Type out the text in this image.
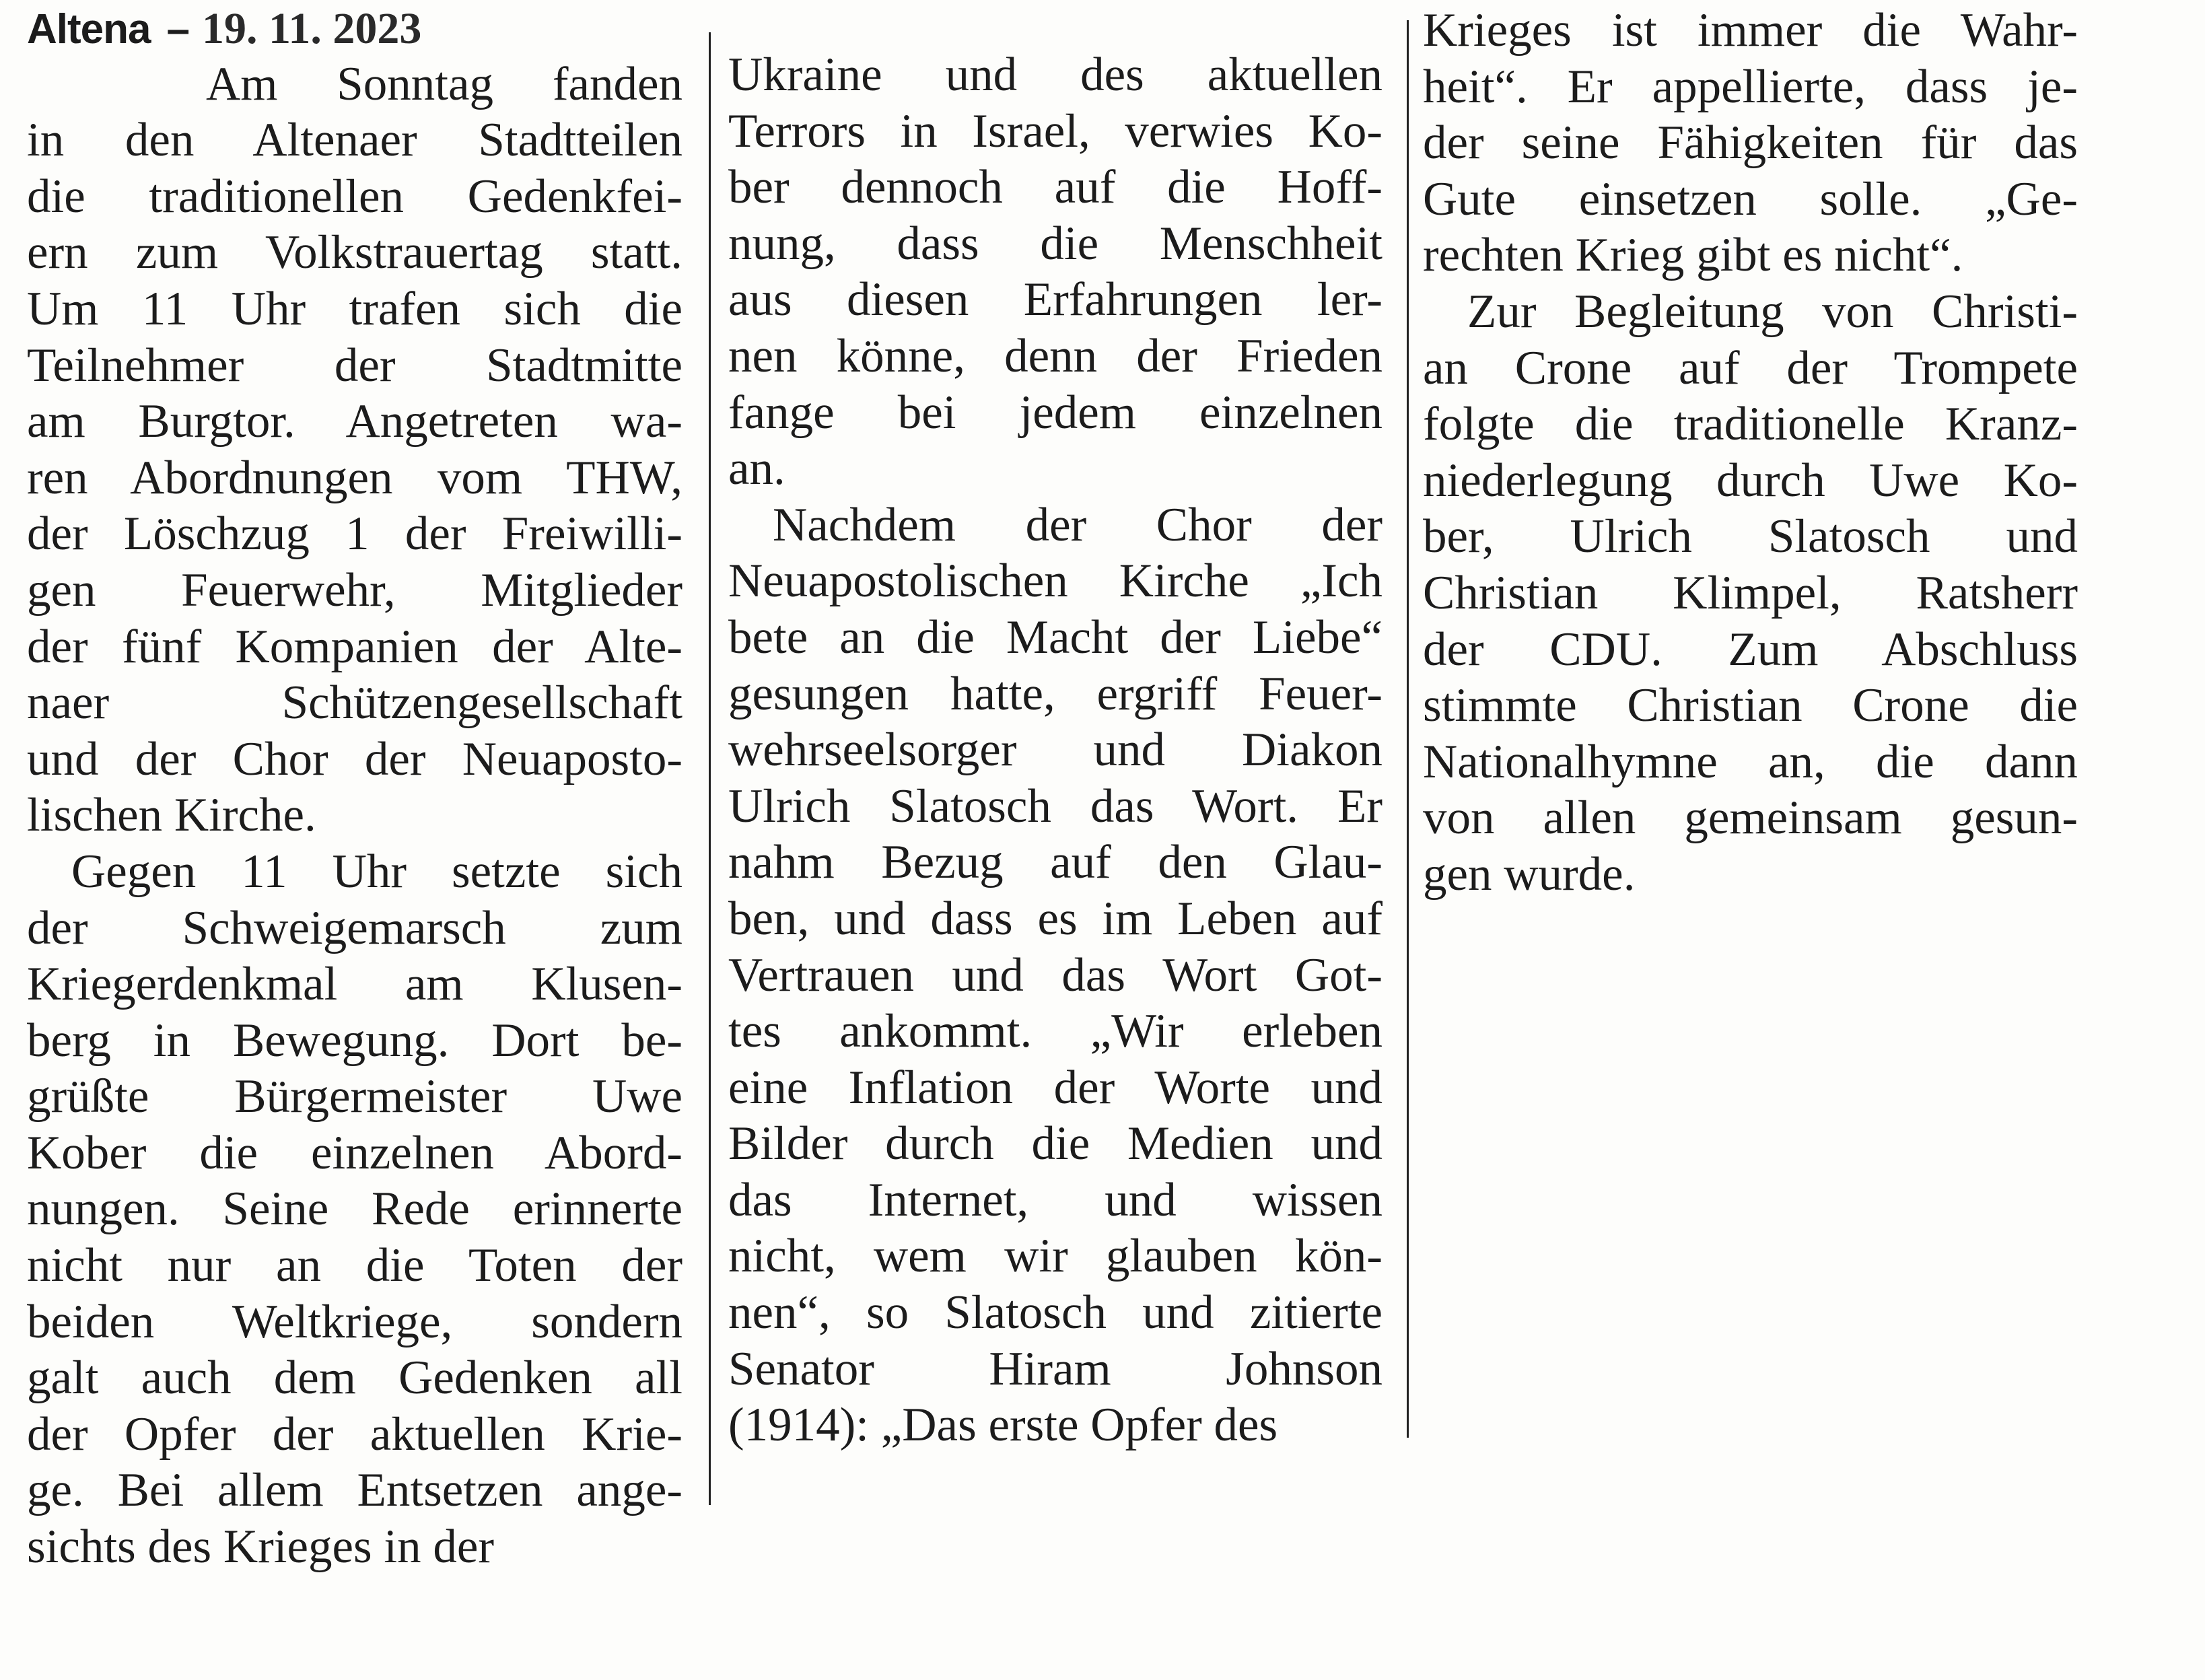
Altena – 19. 11. 2023
Am Sonntag fanden
in den Altenaer Stadtteilen
die traditionellen Gedenkfei-
ern zum Volkstrauertag statt.
Um 11 Uhr trafen sich die
Teilnehmer der Stadtmitte
am Burgtor. Angetreten wa-
ren Abordnungen vom THW,
der Löschzug 1 der Freiwilli-
gen Feuerwehr, Mitglieder
der fünf Kompanien der Alte-
naer Schützengesellschaft
und der Chor der Neuaposto-
lischen Kirche.
Gegen 11 Uhr setzte sich
der Schweigemarsch zum
Kriegerdenkmal am Klusen-
berg in Bewegung. Dort be-
grüßte Bürgermeister Uwe
Kober die einzelnen Abord-
nungen. Seine Rede erinnerte
nicht nur an die Toten der
beiden Weltkriege, sondern
galt auch dem Gedenken all
der Opfer der aktuellen Krie-
ge. Bei allem Entsetzen ange-
sichts des Krieges in der
Ukraine und des aktuellen
Terrors in Israel, verwies Ko-
ber dennoch auf die Hoff-
nung, dass die Menschheit
aus diesen Erfahrungen ler-
nen könne, denn der Frieden
fange bei jedem einzelnen
an.
Nachdem der Chor der
Neuapostolischen Kirche „Ich
bete an die Macht der Liebe“
gesungen hatte, ergriff Feuer-
wehrseelsorger und Diakon
Ulrich Slatosch das Wort. Er
nahm Bezug auf den Glau-
ben, und dass es im Leben auf
Vertrauen und das Wort Got-
tes ankommt. „Wir erleben
eine Inflation der Worte und
Bilder durch die Medien und
das Internet, und wissen
nicht, wem wir glauben kön-
nen“, so Slatosch und zitierte
Senator Hiram Johnson
(1914): „Das erste Opfer des
Krieges ist immer die Wahr-
heit“. Er appellierte, dass je-
der seine Fähigkeiten für das
Gute einsetzen solle. „Ge-
rechten Krieg gibt es nicht“.
Zur Begleitung von Christi-
an Crone auf der Trompete
folgte die traditionelle Kranz-
niederlegung durch Uwe Ko-
ber, Ulrich Slatosch und
Christian Klimpel, Ratsherr
der CDU. Zum Abschluss
stimmte Christian Crone die
Nationalhymne an, die dann
von allen gemeinsam gesun-
gen wurde.
